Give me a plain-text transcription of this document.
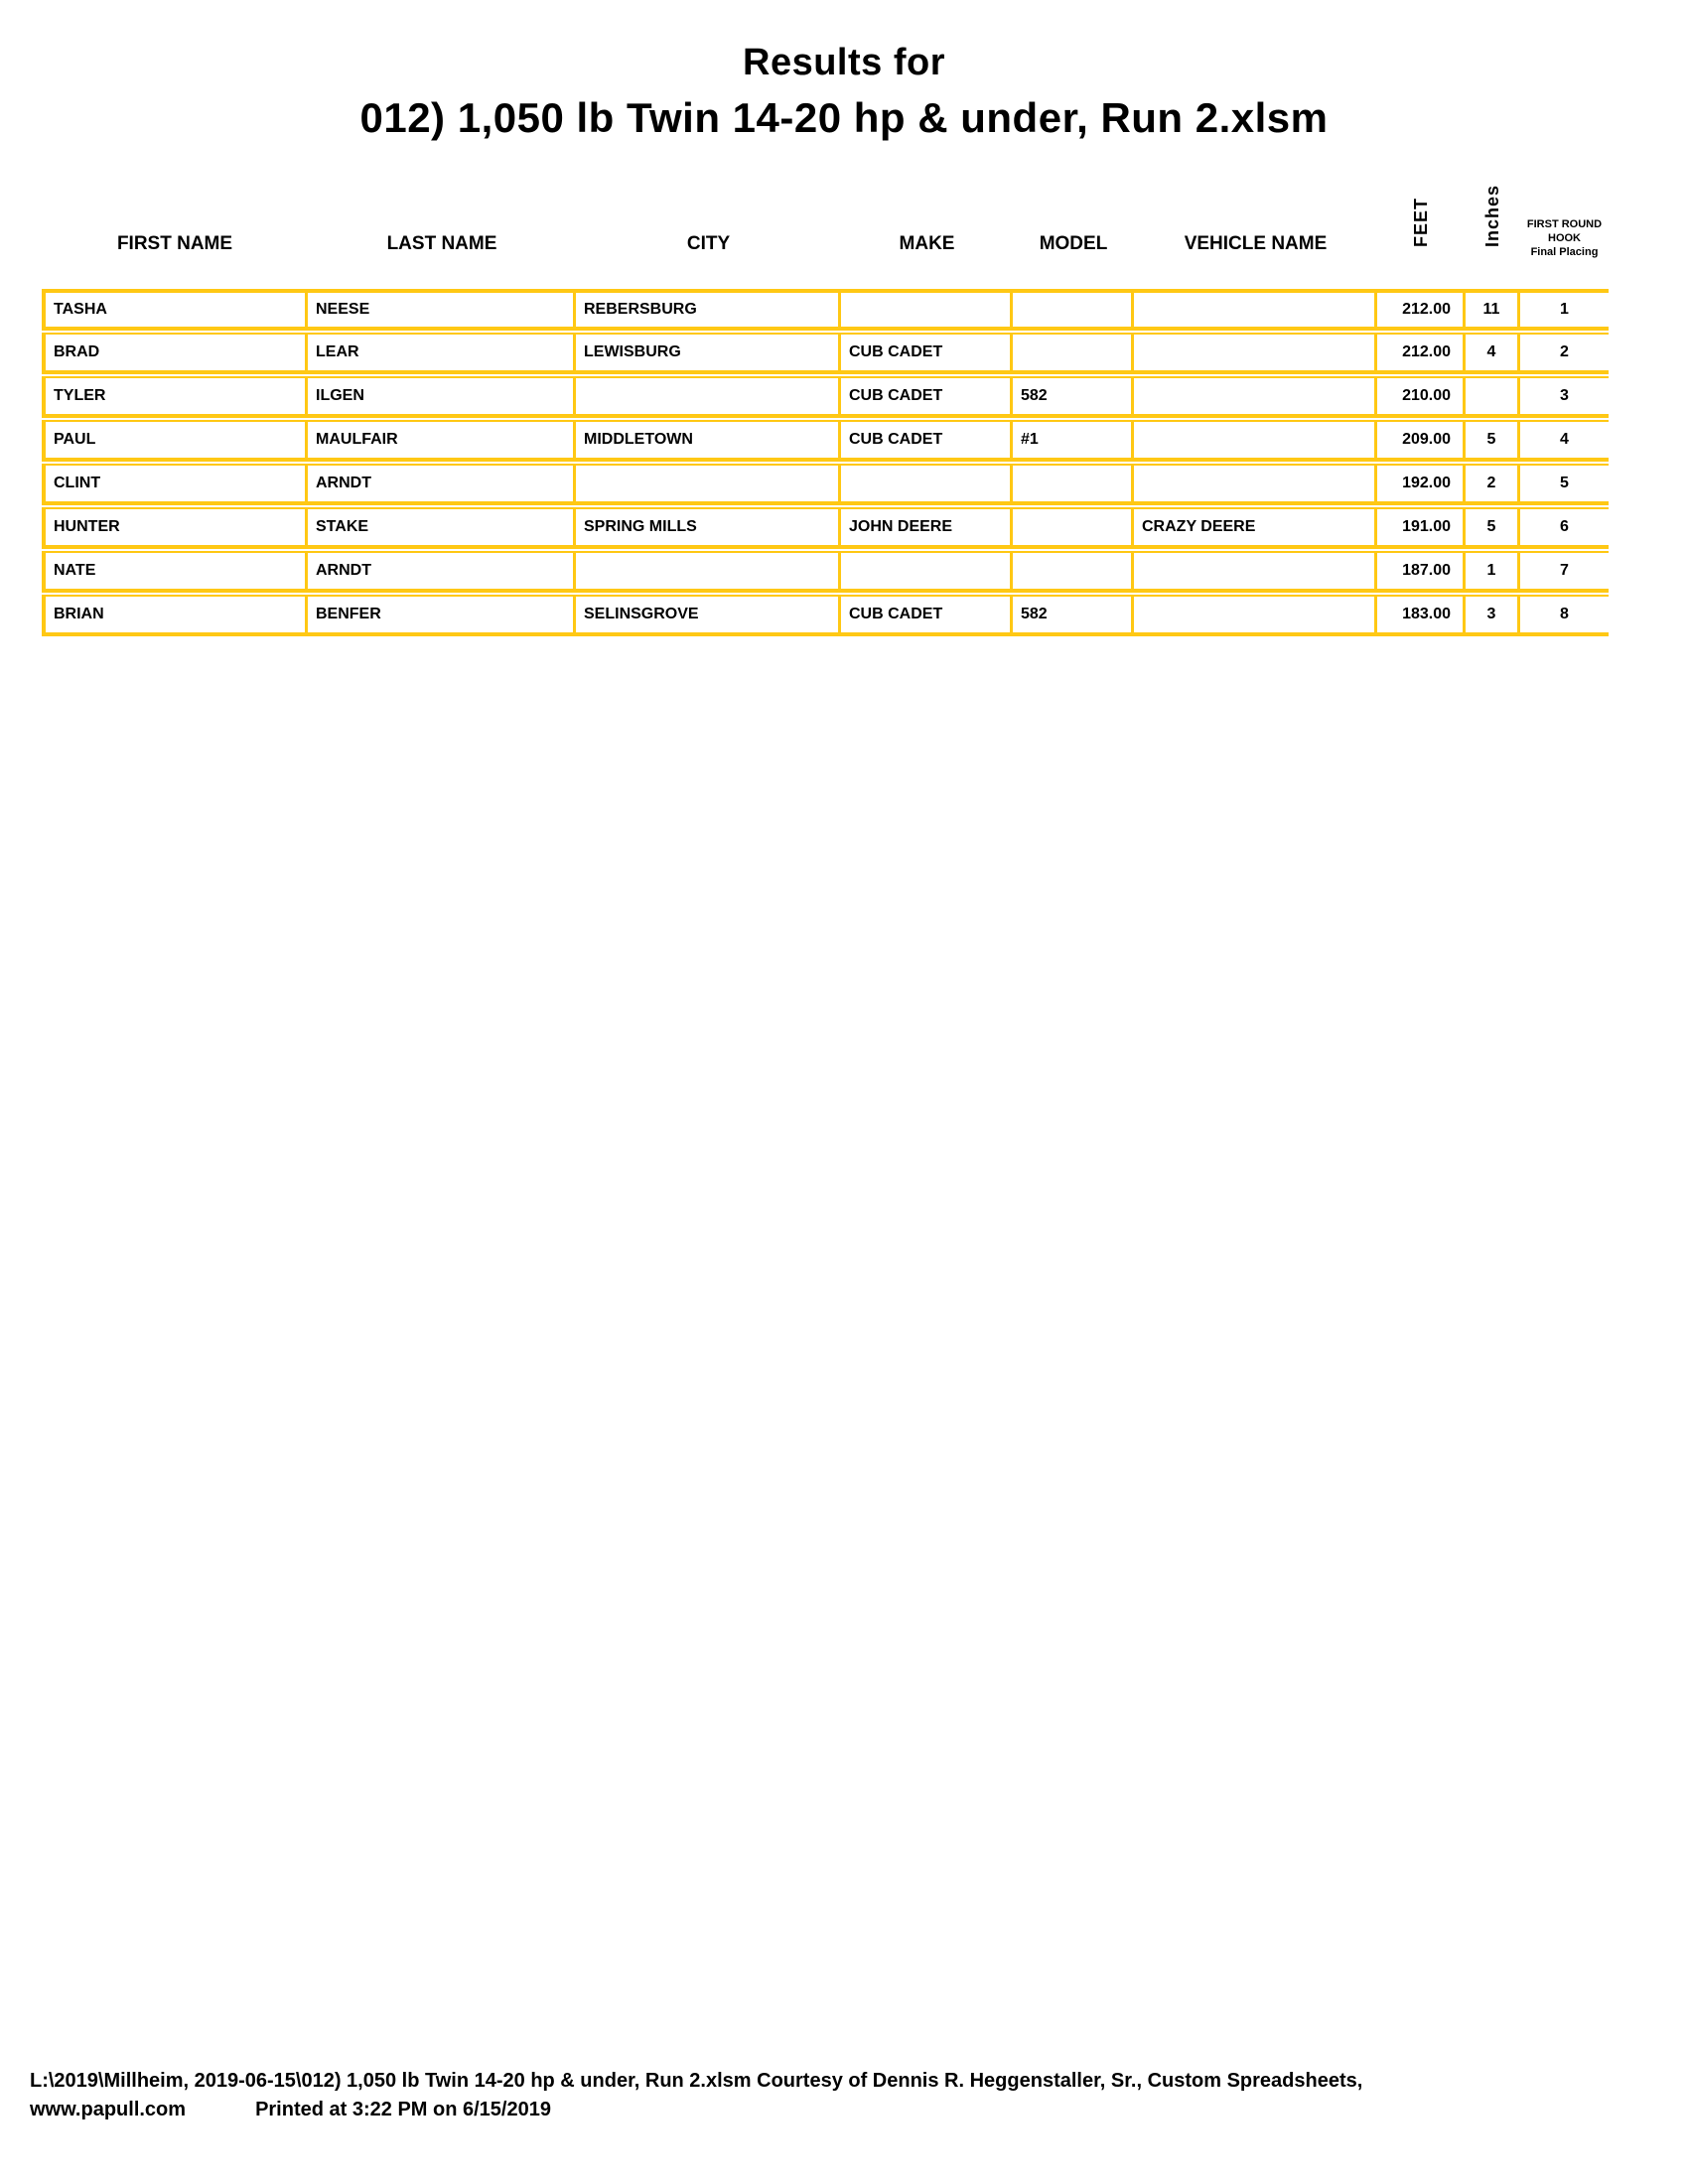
Results for
012) 1,050 lb Twin 14-20 hp & under, Run 2.xlsm
FIRST NAME	LAST NAME	CITY	MAKE	MODEL	VEHICLE NAME	FEET	Inches	FIRST ROUND
HOOK
Final Placing

TASHA	NEESE	REBERSBURG				212.00	11	1
BRAD	LEAR	LEWISBURG	CUB CADET			212.00	4	2
TYLER	ILGEN		CUB CADET	582		210.00		3
PAUL	MAULFAIR	MIDDLETOWN	CUB CADET	#1		209.00	5	4
CLINT	ARNDT					192.00	2	5
HUNTER	STAKE	SPRING MILLS	JOHN DEERE		CRAZY DEERE	191.00	5	6
NATE	ARNDT					187.00	1	7
BRIAN	BENFER	SELINSGROVE	CUB CADET	582		183.00	3	8
L:\2019\Millheim, 2019-06-15\012) 1,050 lb Twin 14-20 hp & under, Run 2.xlsm Courtesy of Dennis R. Heggenstaller, Sr., Custom Spreadsheets,
www.papull.com	Printed at 3:22 PM on 6/15/2019
